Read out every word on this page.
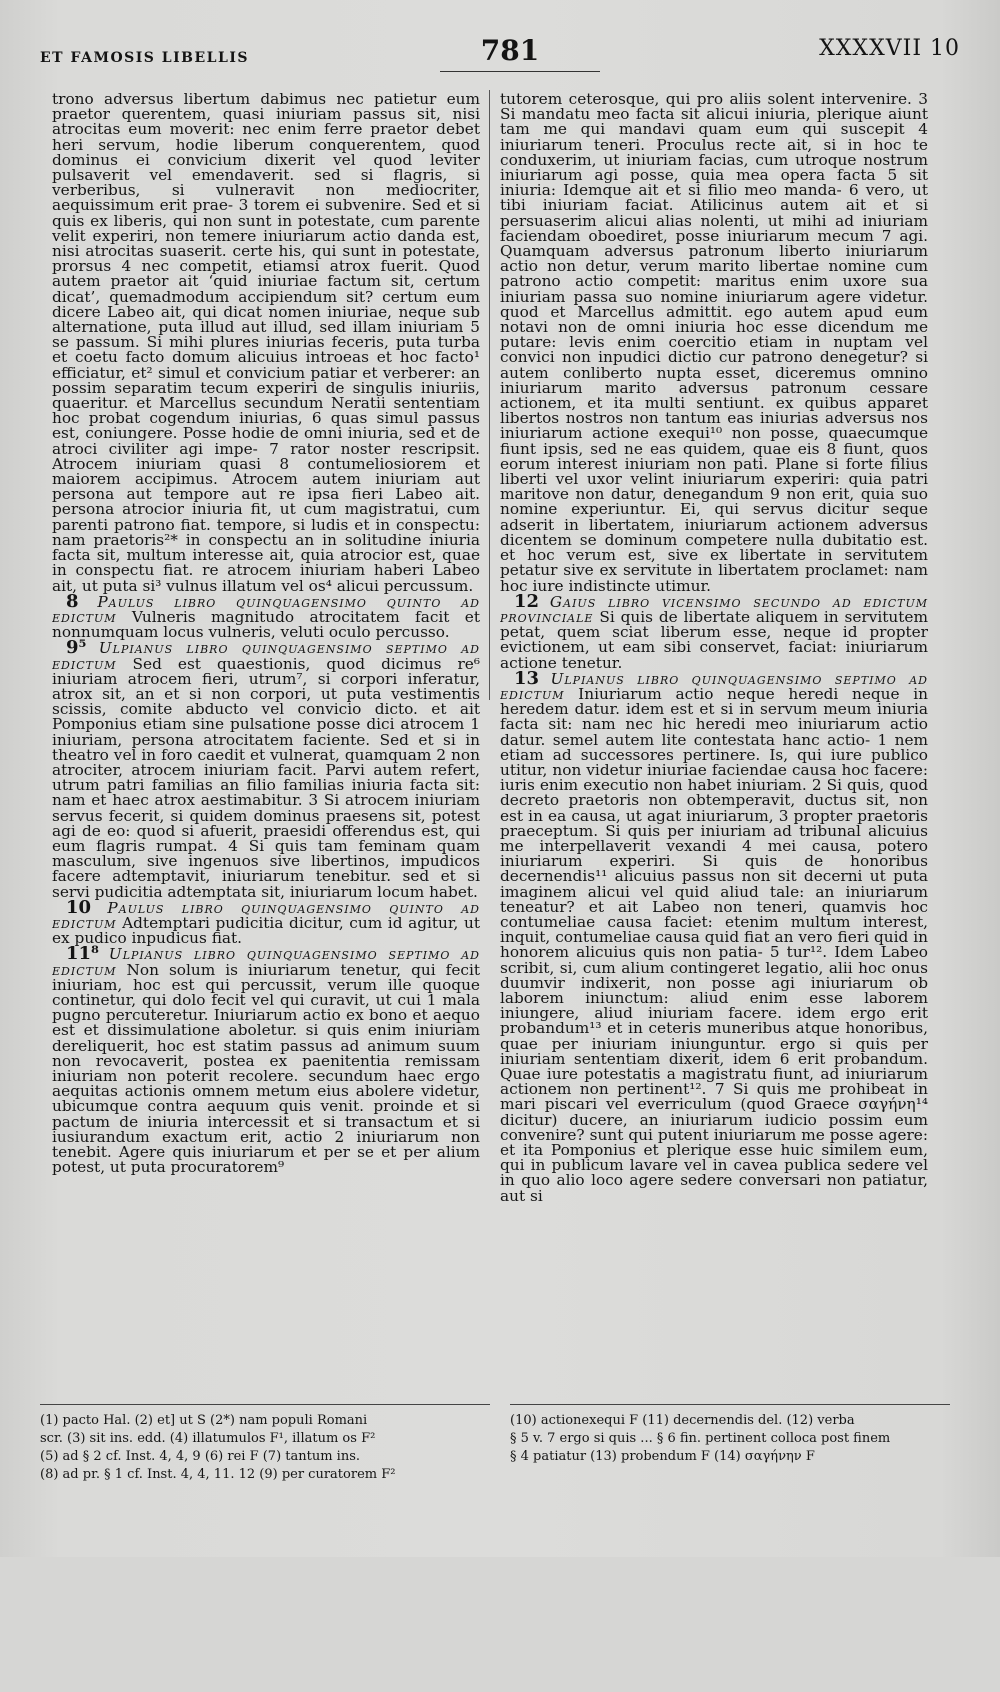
ET FAMOSIS LIBELLIS	781	XXXXVII 10

trono adversus libertum dabimus nec patietur eum praetor querentem, quasi iniuriam passus sit, nisi atrocitas eum moverit: nec enim ferre praetor debet heri servum, hodie liberum conquerentem, quod dominus ei convicium dixerit vel quod leviter pulsaverit vel emendaverit. sed si flagris, si verberibus, si vulneravit non mediocriter, aequissimum erit prae- 3 torem ei subvenire. Sed et si quis ex liberis, qui non sunt in potestate, cum parente velit experiri, non temere iniuriarum actio danda est, nisi atrocitas suaserit. certe his, qui sunt in potestate, prorsus 4 nec competit, etiamsi atrox fuerit. Quod autem praetor ait ‘quid iniuriae factum sit, certum dicat’, quemadmodum accipiendum sit? certum eum dicere Labeo ait, qui dicat nomen iniuriae, neque sub alternatione, puta illud aut illud, sed illam iniuriam 5 se passum. Si mihi plures iniurias feceris, puta turba et coetu facto domum alicuius introeas et hoc facto¹ efficiatur, et² simul et convicium patiar et verberer: an possim separatim tecum experiri de singulis iniuriis, quaeritur. et Marcellus secundum Neratii sententiam hoc probat cogendum iniurias, 6 quas simul passus est, coniungere. Posse hodie de omni iniuria, sed et de atroci civiliter agi impe- 7 rator noster rescripsit. Atrocem iniuriam quasi 8 contumeliosiorem et maiorem accipimus. Atrocem autem iniuriam aut persona aut tempore aut re ipsa fieri Labeo ait. persona atrocior iniuria fit, ut cum magistratui, cum parenti patrono fiat. tempore, si ludis et in conspectu: nam praetoris²* in conspectu an in solitudine iniuria facta sit, multum interesse ait, quia atrocior est, quae in conspectu fiat. re atrocem iniuriam haberi Labeo ait, ut puta si³ vulnus illatum vel os⁴ alicui percussum.

8 Paulus libro quinquagensimo quinto ad edictum Vulneris magnitudo atrocitatem facit et nonnumquam locus vulneris, veluti oculo percusso.

9⁵ Ulpianus libro quinquagensimo septimo ad edictum Sed est quaestionis, quod dicimus re⁶ iniuriam atrocem fieri, utrum⁷, si corpori inferatur, atrox sit, an et si non corpori, ut puta vestimentis scissis, comite abducto vel convicio dicto. et ait Pomponius etiam sine pulsatione posse dici atrocem 1 iniuriam, persona atrocitatem faciente. Sed et si in theatro vel in foro caedit et vulnerat, quamquam 2 non atrociter, atrocem iniuriam facit. Parvi autem refert, utrum patri familias an filio familias iniuria facta sit: nam et haec atrox aestimabitur. 3 Si atrocem iniuriam servus fecerit, si quidem dominus praesens sit, potest agi de eo: quod si afuerit, praesidi offerendus est, qui eum flagris rumpat. 4 Si quis tam feminam quam masculum, sive ingenuos sive libertinos, impudicos facere adtemptavit, iniuriarum tenebitur. sed et si servi pudicitia adtemptata sit, iniuriarum locum habet.

10 Paulus libro quinquagensimo quinto ad edictum Adtemptari pudicitia dicitur, cum id agitur, ut ex pudico inpudicus fiat.

11⁸ Ulpianus libro quinquagensimo septimo ad edictum Non solum is iniuriarum tenetur, qui fecit iniuriam, hoc est qui percussit, verum ille quoque continetur, qui dolo fecit vel qui curavit, ut cui 1 mala pugno percuteretur. Iniuriarum actio ex bono et aequo est et dissimulatione aboletur. si quis enim iniuriam dereliquerit, hoc est statim passus ad animum suum non revocaverit, postea ex paenitentia remissam iniuriam non poterit recolere. secundum haec ergo aequitas actionis omnem metum eius abolere videtur, ubicumque contra aequum quis venit. proinde et si pactum de iniuria intercessit et si transactum et si iusiurandum exactum erit, actio 2 iniuriarum non tenebit. Agere quis iniuriarum et per se et per alium potest, ut puta procuratorem⁹

tutorem ceterosque, qui pro aliis solent intervenire. 3 Si mandatu meo facta sit alicui iniuria, plerique aiunt tam me qui mandavi quam eum qui suscepit 4 iniuriarum teneri. Proculus recte ait, si in hoc te conduxerim, ut iniuriam facias, cum utroque nostrum iniuriarum agi posse, quia mea opera facta 5 sit iniuria: Idemque ait et si filio meo manda- 6 vero, ut tibi iniuriam faciat. Atilicinus autem ait et si persuaserim alicui alias nolenti, ut mihi ad iniuriam faciendam oboediret, posse iniuriarum mecum 7 agi. Quamquam adversus patronum liberto iniuriarum actio non detur, verum marito libertae nomine cum patrono actio competit: maritus enim uxore sua iniuriam passa suo nomine iniuriarum agere videtur. quod et Marcellus admittit. ego autem apud eum notavi non de omni iniuria hoc esse dicendum me putare: levis enim coercitio etiam in nuptam vel convici non inpudici dictio cur patrono denegetur? si autem conliberto nupta esset, diceremus omnino iniuriarum marito adversus patronum cessare actionem, et ita multi sentiunt. ex quibus apparet libertos nostros non tantum eas iniurias adversus nos iniuriarum actione exequi¹⁰ non posse, quaecumque fiunt ipsis, sed ne eas quidem, quae eis 8 fiunt, quos eorum interest iniuriam non pati. Plane si forte filius liberti vel uxor velint iniuriarum experiri: quia patri maritove non datur, denegandum 9 non erit, quia suo nomine experiuntur. Ei, qui servus dicitur seque adserit in libertatem, iniuriarum actionem adversus dicentem se dominum competere nulla dubitatio est. et hoc verum est, sive ex libertate in servitutem petatur sive ex servitute in libertatem proclamet: nam hoc iure indistincte utimur.

12 Gaius libro vicensimo secundo ad edictum provinciale Si quis de libertate aliquem in servitutem petat, quem sciat liberum esse, neque id propter evictionem, ut eam sibi conservet, faciat: iniuriarum actione tenetur.

13 Ulpianus libro quinquagensimo septimo ad edictum Iniuriarum actio neque heredi neque in heredem datur. idem est et si in servum meum iniuria facta sit: nam nec hic heredi meo iniuriarum actio datur. semel autem lite contestata hanc actio- 1 nem etiam ad successores pertinere. Is, qui iure publico utitur, non videtur iniuriae faciendae causa hoc facere: iuris enim executio non habet iniuriam. 2 Si quis, quod decreto praetoris non obtemperavit, ductus sit, non est in ea causa, ut agat iniuriarum, 3 propter praetoris praeceptum. Si quis per iniuriam ad tribunal alicuius me interpellaverit vexandi 4 mei causa, potero iniuriarum experiri. Si quis de honoribus decernendis¹¹ alicuius passus non sit decerni ut puta imaginem alicui vel quid aliud tale: an iniuriarum teneatur? et ait Labeo non teneri, quamvis hoc contumeliae causa faciet: etenim multum interest, inquit, contumeliae causa quid fiat an vero fieri quid in honorem alicuius quis non patia- 5 tur¹². Idem Labeo scribit, si, cum alium contingeret legatio, alii hoc onus duumvir indixerit, non posse agi iniuriarum ob laborem iniunctum: aliud enim esse laborem iniungere, aliud iniuriam facere. idem ergo erit probandum¹³ et in ceteris muneribus atque honoribus, quae per iniuriam iniunguntur. ergo si quis per iniuriam sententiam dixerit, idem 6 erit probandum. Quae iure potestatis a magistratu fiunt, ad iniuriarum actionem non pertinent¹². 7 Si quis me prohibeat in mari piscari vel everriculum (quod Graece σαγήνη¹⁴ dicitur) ducere, an iniuriarum iudicio possim eum convenire? sunt qui putent iniuriarum me posse agere: et ita Pomponius et plerique esse huic similem eum, qui in publicum lavare vel in cavea publica sedere vel in quo alio loco agere sedere conversari non patiatur, aut si

(1) pacto Hal. (2) et] ut S (2*) nam populi Romani
scr. (3) sit ins. edd. (4) illatumulos F¹, illatum os F²
(5) ad § 2 cf. Inst. 4, 4, 9 (6) rei F (7) tantum ins.
(8) ad pr. § 1 cf. Inst. 4, 4, 11. 12 (9) per curatorem F²
(10) actionexequi F (11) decernendis del. (12) verba
§ 5 v. 7 ergo si quis ... § 6 fin. pertinent colloca post finem
§ 4 patiatur (13) probendum F (14) σαγήνην F
